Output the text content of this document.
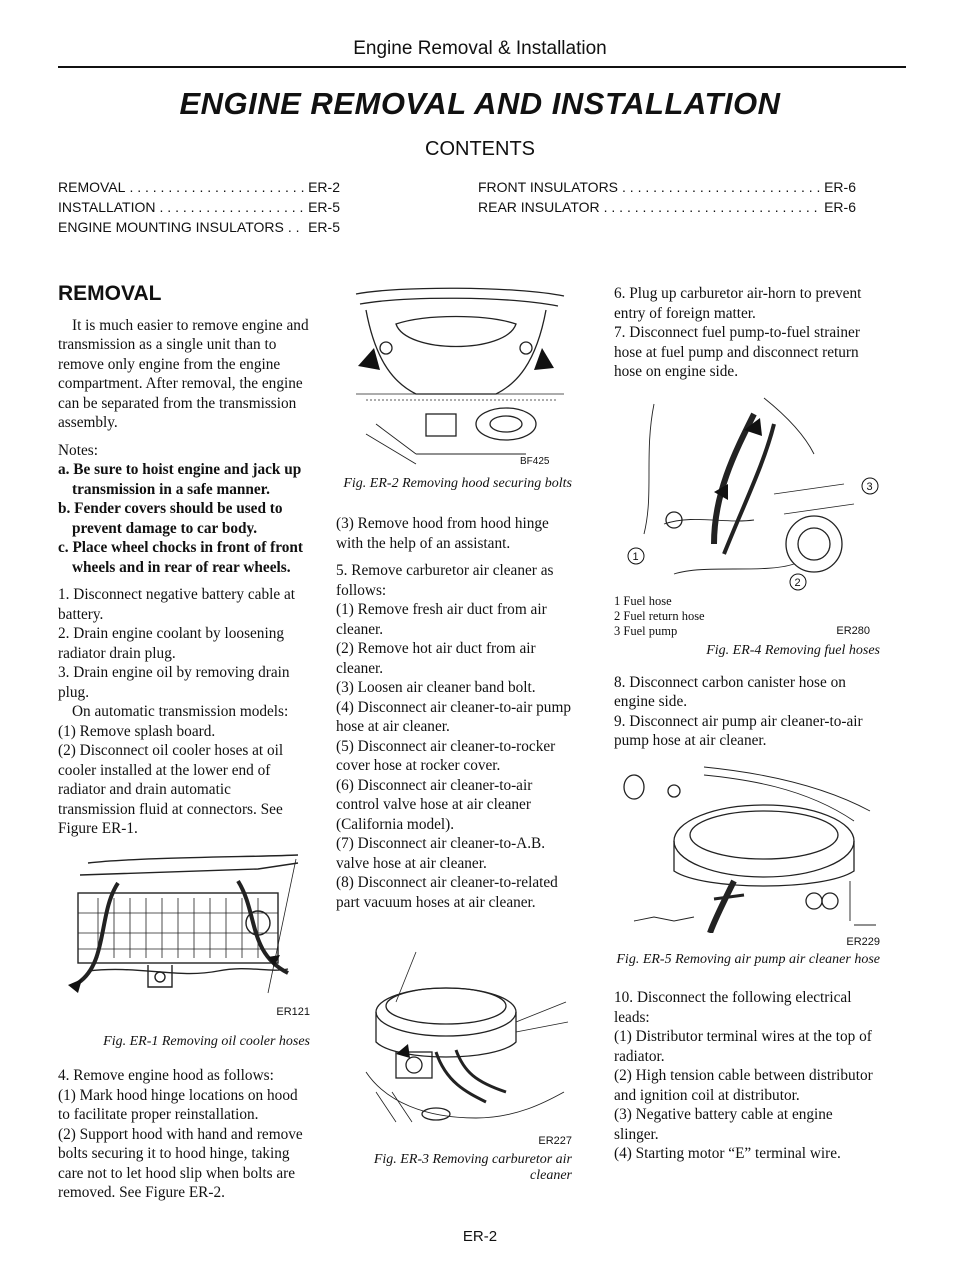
Engine Removal & Installation
ENGINE REMOVAL AND INSTALLATION
CONTENTS
REMOVAL . . .	ER-2
INSTALLATION . . .	ER-5
ENGINE MOUNTING INSULATORS . . . ER-5
FRONT INSULATORS . . .	ER-6
REAR INSULATOR . . .	ER-6
REMOVAL

It is much easier to remove engine and transmission as a single unit than to remove only engine from the engine compartment. After removal, the engine can be separated from the transmission assembly.

Notes:

a. Be sure to hoist engine and jack up transmission in a safe manner.

b. Fender covers should be used to prevent damage to car body.

c. Place wheel chocks in front of front wheels and in rear of rear wheels.

1. Disconnect negative battery cable at battery.

2. Drain engine coolant by loosening radiator drain plug.

3. Drain engine oil by removing drain plug.

On automatic transmission models:

(1) Remove splash board.

(2) Disconnect oil cooler hoses at oil cooler installed at the lower end of radiator and drain automatic transmission fluid at connectors. See Figure ER-1.

ER121
Fig. ER-1 Removing oil cooler hoses

4. Remove engine hood as follows:

(1) Mark hood hinge locations on hood to facilitate proper reinstallation.

(2) Support hood with hand and remove bolts securing it to hood hinge, taking care not to let hood slip when bolts are removed. See Figure ER-2.

BF425
Fig. ER-2 Removing hood securing bolts

(3) Remove hood from hood hinge with the help of an assistant.

5. Remove carburetor air cleaner as follows:

(1) Remove fresh air duct from air cleaner.

(2) Remove hot air duct from air cleaner.

(3) Loosen air cleaner band bolt.

(4) Disconnect air cleaner-to-air pump hose at air cleaner.

(5) Disconnect air cleaner-to-rocker cover hose at rocker cover.

(6) Disconnect air cleaner-to-air control valve hose at air cleaner (California model).

(7) Disconnect air cleaner-to-A.B. valve hose at air cleaner.

(8) Disconnect air cleaner-to-related part vacuum hoses at air cleaner.

ER227
Fig. ER-3 Removing carburetor air cleaner

6. Plug up carburetor air-horn to prevent entry of foreign matter.

7. Disconnect fuel pump-to-fuel strainer hose at fuel pump and disconnect return hose on engine side.

1
2
3
1 Fuel hose
2 Fuel return hose
3 Fuel pump	ER280
Fig. ER-4 Removing fuel hoses

8. Disconnect carbon canister hose on engine side.

9. Disconnect air pump air cleaner-to-air pump hose at air cleaner.

ER229
Fig. ER-5 Removing air pump air cleaner hose

10. Disconnect the following electrical leads:

(1) Distributor terminal wires at the top of radiator.

(2) High tension cable between distributor and ignition coil at distributor.

(3) Negative battery cable at engine slinger.

(4) Starting motor “E” terminal wire.

ER-2
